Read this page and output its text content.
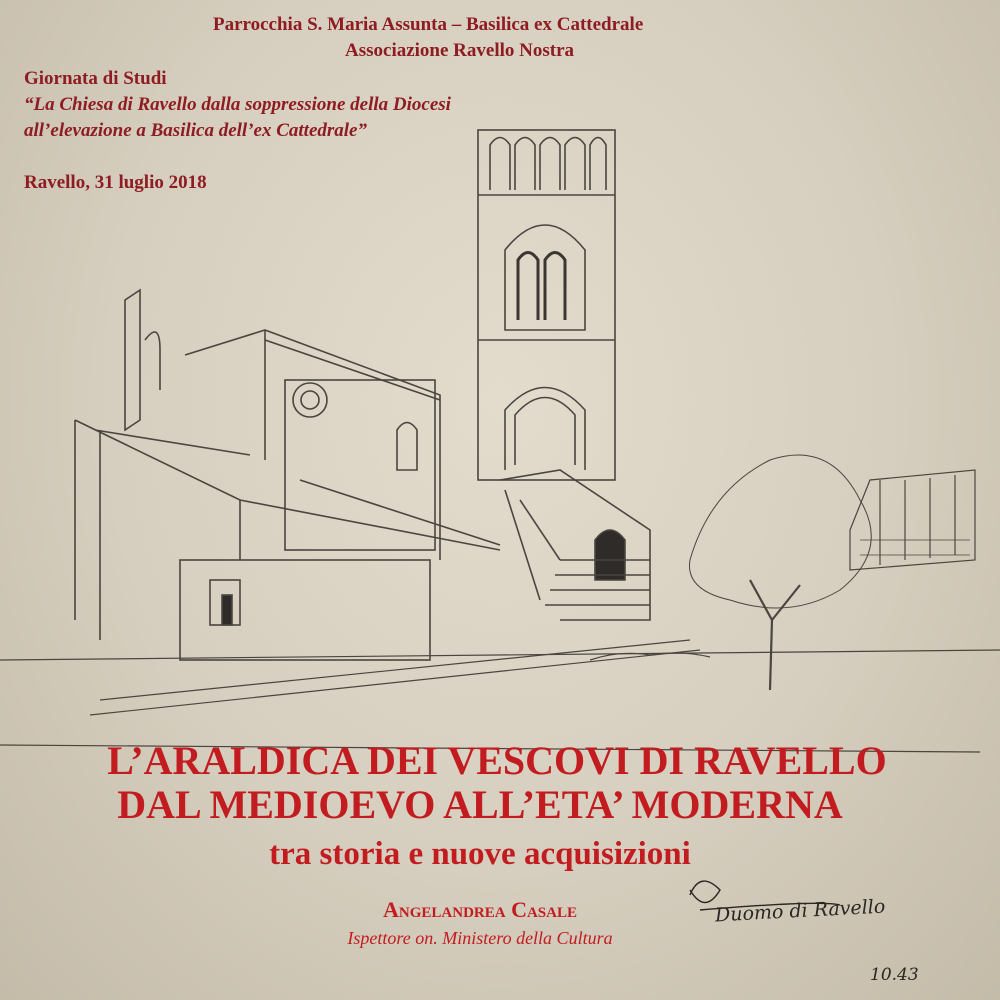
Parrocchia S. Maria Assunta – Basilica ex Cattedrale
Associazione Ravello Nostra
Giornata di Studi
“La Chiesa di Ravello dalla soppressione della Diocesi
all’elevazione a Basilica dell’ex Cattedrale”
Ravello, 31 luglio 2018
L’ARALDICA DEI VESCOVI DI RAVELLO
DAL MEDIOEVO ALL’ETA’ MODERNA
tra storia e nuove acquisizioni
Angelandrea Casale
Ispettore on. Ministero della Cultura
Duomo di Ravello
10.43
